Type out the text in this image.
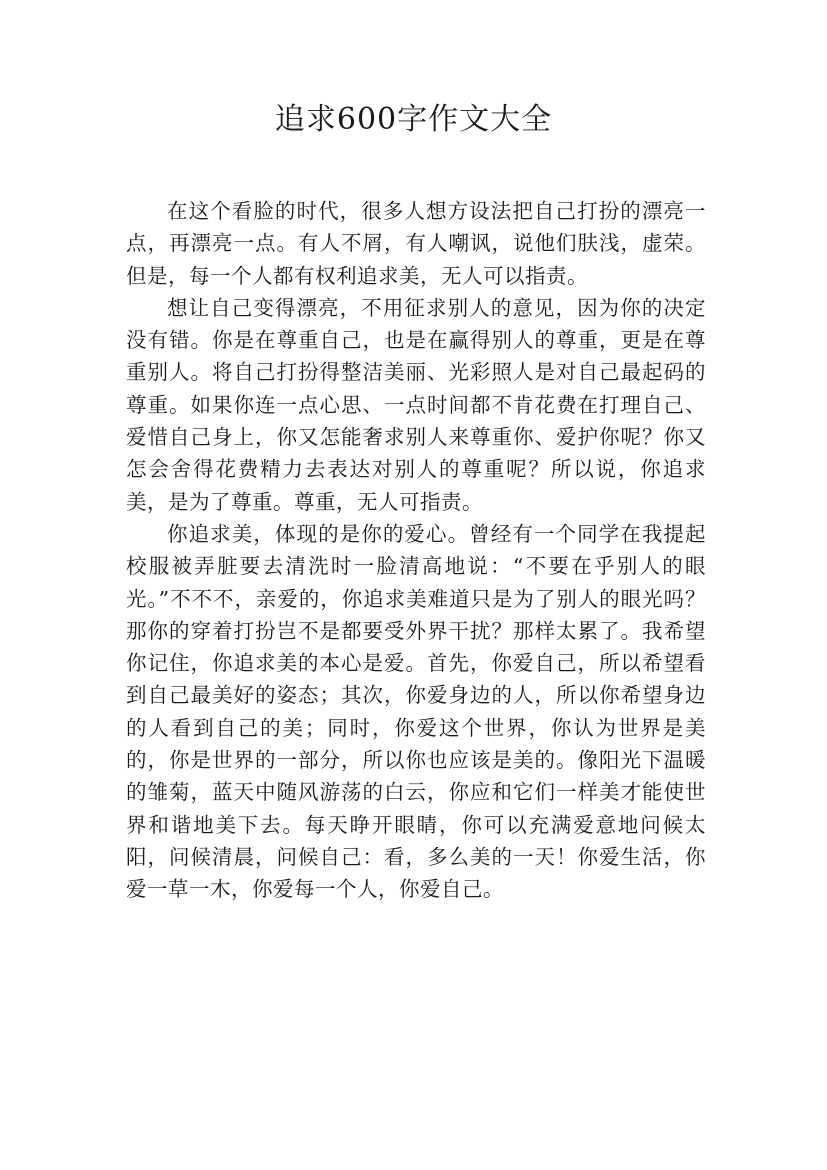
追求600字作文大全

在这个看脸的时代，很多人想方设法把自己打扮的漂亮一点，再漂亮一点。有人不屑，有人嘲讽，说他们肤浅，虚荣。但是，每一个人都有权利追求美，无人可以指责。

想让自己变得漂亮，不用征求别人的意见，因为你的决定没有错。你是在尊重自己，也是在赢得别人的尊重，更是在尊重别人。将自己打扮得整洁美丽、光彩照人是对自己最起码的尊重。如果你连一点心思、一点时间都不肯花费在打理自己、爱惜自己身上，你又怎能奢求别人来尊重你、爱护你呢？你又怎会舍得花费精力去表达对别人的尊重呢？所以说，你追求美，是为了尊重。尊重，无人可指责。

你追求美，体现的是你的爱心。曾经有一个同学在我提起校服被弄脏要去清洗时一脸清高地说：“不要在乎别人的眼光。”不不不，亲爱的，你追求美难道只是为了别人的眼光吗？那你的穿着打扮岂不是都要受外界干扰？那样太累了。我希望你记住，你追求美的本心是爱。首先，你爱自己，所以希望看到自己最美好的姿态；其次，你爱身边的人，所以你希望身边的人看到自己的美；同时，你爱这个世界，你认为世界是美的，你是世界的一部分，所以你也应该是美的。像阳光下温暖的雏菊，蓝天中随风游荡的白云，你应和它们一样美才能使世界和谐地美下去。每天睁开眼睛，你可以充满爱意地问候太阳，问候清晨，问候自己：看，多么美的一天！你爱生活，你爱一草一木，你爱每一个人，你爱自己。
